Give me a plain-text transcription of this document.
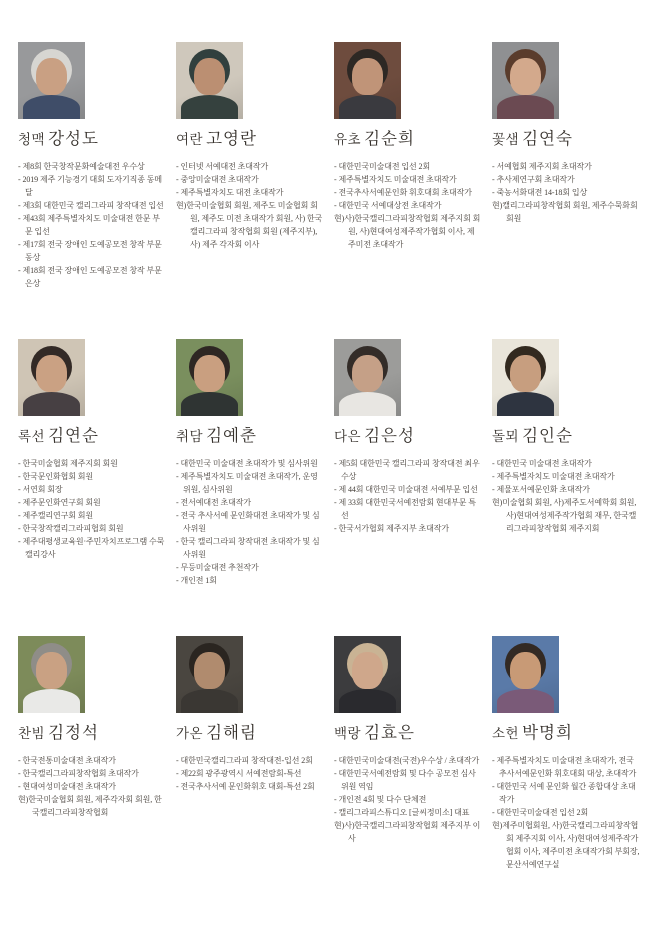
청맥 강성도
- 제8회 한국창작문화예술대전 우수상
- 2019 제주 기능경기 대회 도자기직종 동메달
- 제3회 대한민국 캘리그라피 창작대전 입선
- 제43회 제주특별자치도 미술대전 한문 부문 입선
- 제17회 전국 장애인 도예공모전 창작 부문 동상
- 제18회 전국 장애인 도예공모전 창작 부문 은상
여란 고영란
- 인터넷 서예대전 초대작가
- 중앙미술대전 초대작가
- 제주특별자치도 대전 초대작가
현)한국미술협회 회원, 제주도 미술협회 회원, 제주도 미전 초대작가 회원, 사) 한국캘리그라피 창작협회 회원 (제주지부), 사) 제주 각자회 이사
유초 김순희
- 대한민국미술대전 입선 2회
- 제주특별자치도 미술대전 초대작가
- 전국추사서예문인화 휘호대회 초대작가
- 대한민국 서예대상전 초대작가
현)사)한국캘리그라피창작협회 제주지회 회원, 사)현대여성제주작가협회 이사, 제주미전 초대작가
꽃샘 김연숙
- 서예협회 제주지회 초대작가
- 추사제연구회 초대작가
- 죽농서화대전 14-18회 입상
현)캘리그라피창작협회 회원, 제주수묵화회 회원
록선 김연순
- 한국미술협회 제주지회 회원
- 한국문인화협회 회원
- 서연회 회장
- 제주문인화연구회 회원
- 제주캘리연구회 회원
- 한국창작캘리그라피협회 회원
- 제주대평생교육원·주민자치프로그램 수묵캘리강사
취담 김예춘
- 대한민국 미술대전 초대작가 및 심사위원
- 제주특별자치도 미술대전 초대작가, 운영위원, 심사위원
- 전서예대전 초대작가
- 전국 추사서예 문인화대전 초대작가 및 심사위원
- 한국 캘리그라피 창작대전 초대작가 및 심사위원
- 무등미술대전 추천작가
- 개인전 1회
다은 김은성
- 제5회 대한민국 캘리그라피 창작대전 최우수상
- 제 44회 대한민국 미술대전 서예부문 입선
- 제 33회 대한민국서예전람회 현대부문 특선
- 한국서가협회 제주지부 초대작가
돌뫼 김인순
- 대한민국 미술대전 초대작가
- 제주특별자치도 미술대전 초대작가
- 제물포서예문인화 초대작가
현)미술협회 회원, 사)제주도서예학회 회원, 사)현대여성제주작가협회 재무, 한국캘리그라피창작협회 제주지회
찬빔 김정석
- 한국전통미술대전 초대작가
- 한국캘리그라피창작협회 초대작가
- 현대여성미술대전 초대작가
현)한국미술협회 회원, 제주각자회 회원, 한국캘리그라피창작협회
가온 김해림
- 대한민국캘리그라피 창작대전-입선 2회
- 제22회 광주광역시 서예전람회-특선
- 전국추사서예 문인화휘호 대회-특선 2회
백랑 김효은
- 대한민국미술대전(국전)우수상 / 초대작가
- 대한민국서예전람회 및 다수 공모전 심사위원 역임
- 개인전 4회 및 다수 단체전
- 캘리그라피스튜디오 [글씨정미소] 대표
현)사)한국캘리그라피창작협회 제주지부 이사
소헌 박명희
- 제주특별자치도 미술대전 초대작가, 전국추사서예문인화 휘호대회 대상, 초대작가
- 대한민국 서예 문인화 월간 종합대상 초대작가
- 대한민국미술대전 입선 2회
현)제주미협회원, 사)한국캘리그라피창작협회 제주지회 이사, 사)현대여성제주작가협회 이사, 제주미전 초대작가회 부회장, 문산서예연구실
